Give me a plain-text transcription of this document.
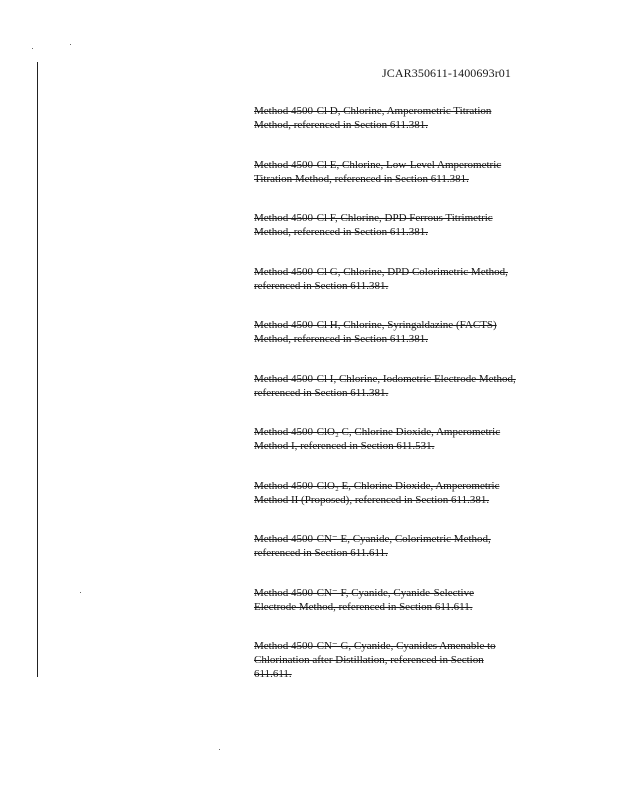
JCAR350611-1400693r01
Method 4500-Cl D, Chlorine, Amperometric Titration
Method, referenced in Section 611.381.
Method 4500-Cl E, Chlorine, Low-Level Amperometric
Titration Method, referenced in Section 611.381.
Method 4500-Cl F, Chlorine, DPD Ferrous Titrimetric
Method, referenced in Section 611.381.
Method 4500-Cl G, Chlorine, DPD Colorimetric Method,
referenced in Section 611.381.
Method 4500-Cl H, Chlorine, Syringaldazine (FACTS)
Method, referenced in Section 611.381.
Method 4500-Cl I, Chlorine, Iodometric Electrode Method,
referenced in Section 611.381.
Method 4500-ClO₂ C, Chlorine Dioxide, Amperometric
Method I, referenced in Section 611.531.
Method 4500-ClO₂ E, Chlorine Dioxide, Amperometric
Method II (Proposed), referenced in Section 611.381.
Method 4500-CN⁻ E, Cyanide, Colorimetric Method,
referenced in Section 611.611.
Method 4500-CN⁻ F, Cyanide, Cyanide-Selective
Electrode Method, referenced in Section 611.611.
Method 4500-CN⁻ G, Cyanide, Cyanides Amenable to
Chlorination after Distillation, referenced in Section
611.611.
